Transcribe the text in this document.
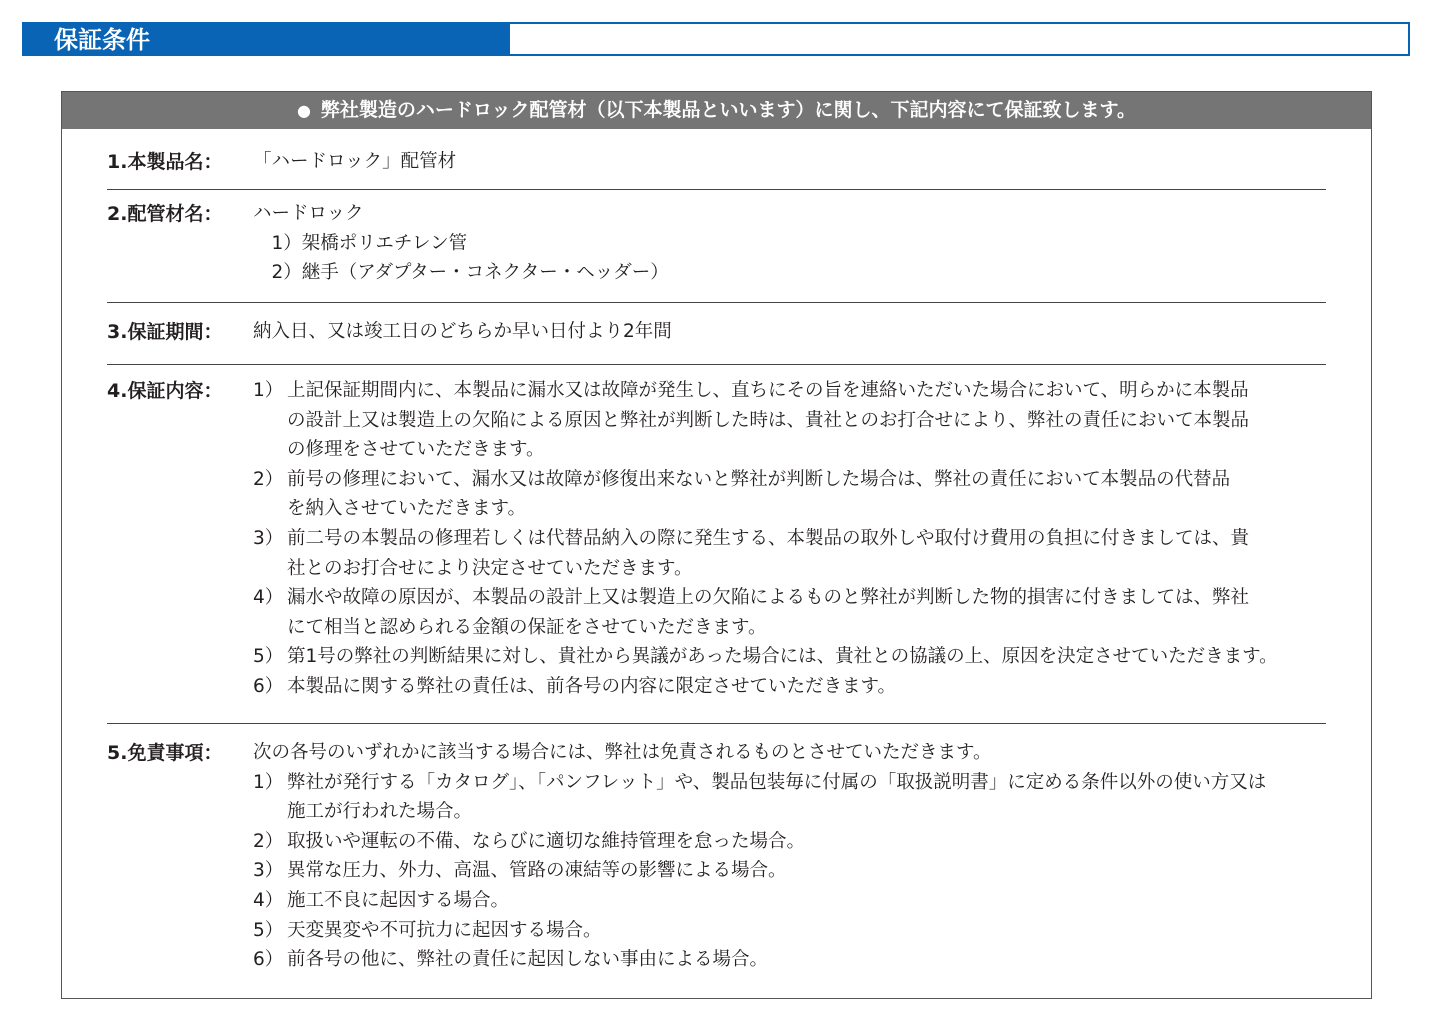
保証条件
● 弊社製造のハードロック配管材（以下本製品といいます）に関し、下記内容にて保証致します。
1.本製品名： 「ハードロック」配管材
2.配管材名： ハードロック
　1）架橋ポリエチレン管
　2）継手（アダプター・コネクター・ヘッダー）
3.保証期間： 納入日、又は竣工日のどちらか早い日付より2年間
4.保証内容： 1） 上記保証期間内に、本製品に漏水又は故障が発生し、直ちにその旨を連絡いただいた場合において、明らかに本製品
の設計上又は製造上の欠陥による原因と弊社が判断した時は、貴社とのお打合せにより、弊社の責任において本製品
の修理をさせていただきます。
2） 前号の修理において、漏水又は故障が修復出来ないと弊社が判断した場合は、弊社の責任において本製品の代替品
を納入させていただきます。
3） 前二号の本製品の修理若しくは代替品納入の際に発生する、本製品の取外しや取付け費用の負担に付きましては、貴
社とのお打合せにより決定させていただきます。
4） 漏水や故障の原因が、本製品の設計上又は製造上の欠陥によるものと弊社が判断した物的損害に付きましては、弊社
にて相当と認められる金額の保証をさせていただきます。
5） 第1号の弊社の判断結果に対し、貴社から異議があった場合には、貴社との協議の上、原因を決定させていただきます。
6） 本製品に関する弊社の責任は、前各号の内容に限定させていただきます。
5.免責事項： 次の各号のいずれかに該当する場合には、弊社は免責されるものとさせていただきます。
1） 弊社が発行する「カタログ」、「パンフレット」や、製品包装毎に付属の「取扱説明書」に定める条件以外の使い方又は
施工が行われた場合。
2） 取扱いや運転の不備、ならびに適切な維持管理を怠った場合。
3） 異常な圧力、外力、高温、管路の凍結等の影響による場合。
4） 施工不良に起因する場合。
5） 天変異変や不可抗力に起因する場合。
6） 前各号の他に、弊社の責任に起因しない事由による場合。
